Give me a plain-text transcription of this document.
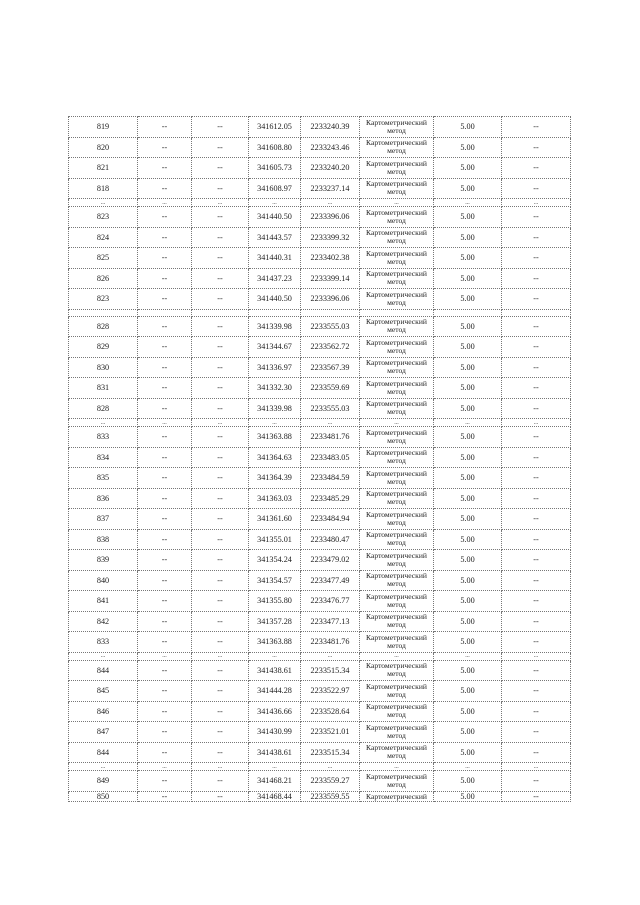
819	--	--	341612.05	2233240.39	Картометрический метод	5.00	--
820	--	--	341608.80	2233243.46	Картометрический метод	5.00	--
821	--	--	341605.73	2233240.20	Картометрический метод	5.00	--
818	--	--	341608.97	2233237.14	Картометрический метод	5.00	--
...	...	...	...	...	...	...	...
823	--	--	341440.50	2233396.06	Картометрический метод	5.00	--
824	--	--	341443.57	2233399.32	Картометрический метод	5.00	--
825	--	--	341440.31	2233402.38	Картометрический метод	5.00	--
826	--	--	341437.23	2233399.14	Картометрический метод	5.00	--
823	--	--	341440.50	2233396.06	Картометрический метод	5.00	--

828	--	--	341339.98	2233555.03	Картометрический метод	5.00	--
829	--	--	341344.67	2233562.72	Картометрический метод	5.00	--
830	--	--	341336.97	2233567.39	Картометрический метод	5.00	--
831	--	--	341332.30	2233559.69	Картометрический метод	5.00	--
828	--	--	341339.98	2233555.03	Картометрический метод	5.00	--
...	...	...	...	...	...	...	...
833	--	--	341363.88	2233481.76	Картометрический метод	5.00	--
834	--	--	341364.63	2233483.05	Картометрический метод	5.00	--
835	--	--	341364.39	2233484.59	Картометрический метод	5.00	--
836	--	--	341363.03	2233485.29	Картометрический метод	5.00	--
837	--	--	341361.60	2233484.94	Картометрический метод	5.00	--
838	--	--	341355.01	2233480.47	Картометрический метод	5.00	--
839	--	--	341354.24	2233479.02	Картометрический метод	5.00	--
840	--	--	341354.57	2233477.49	Картометрический метод	5.00	--
841	--	--	341355.80	2233476.77	Картометрический метод	5.00	--
842	--	--	341357.28	2233477.13	Картометрический метод	5.00	--
833	--	--	341363.88	2233481.76	Картометрический метод	5.00	--
...	...	...	...	...	...	...	...
844	--	--	341438.61	2233515.34	Картометрический метод	5.00	--
845	--	--	341444.28	2233522.97	Картометрический метод	5.00	--
846	--	--	341436.66	2233528.64	Картометрический метод	5.00	--
847	--	--	341430.99	2233521.01	Картометрический метод	5.00	--
844	--	--	341438.61	2233515.34	Картометрический метод	5.00	--
...	...	...	...	...	...	...	...
849	--	--	341468.21	2233559.27	Картометрический метод	5.00	--
850	--	--	341468.44	2233559.55	Картометрический	5.00	--
